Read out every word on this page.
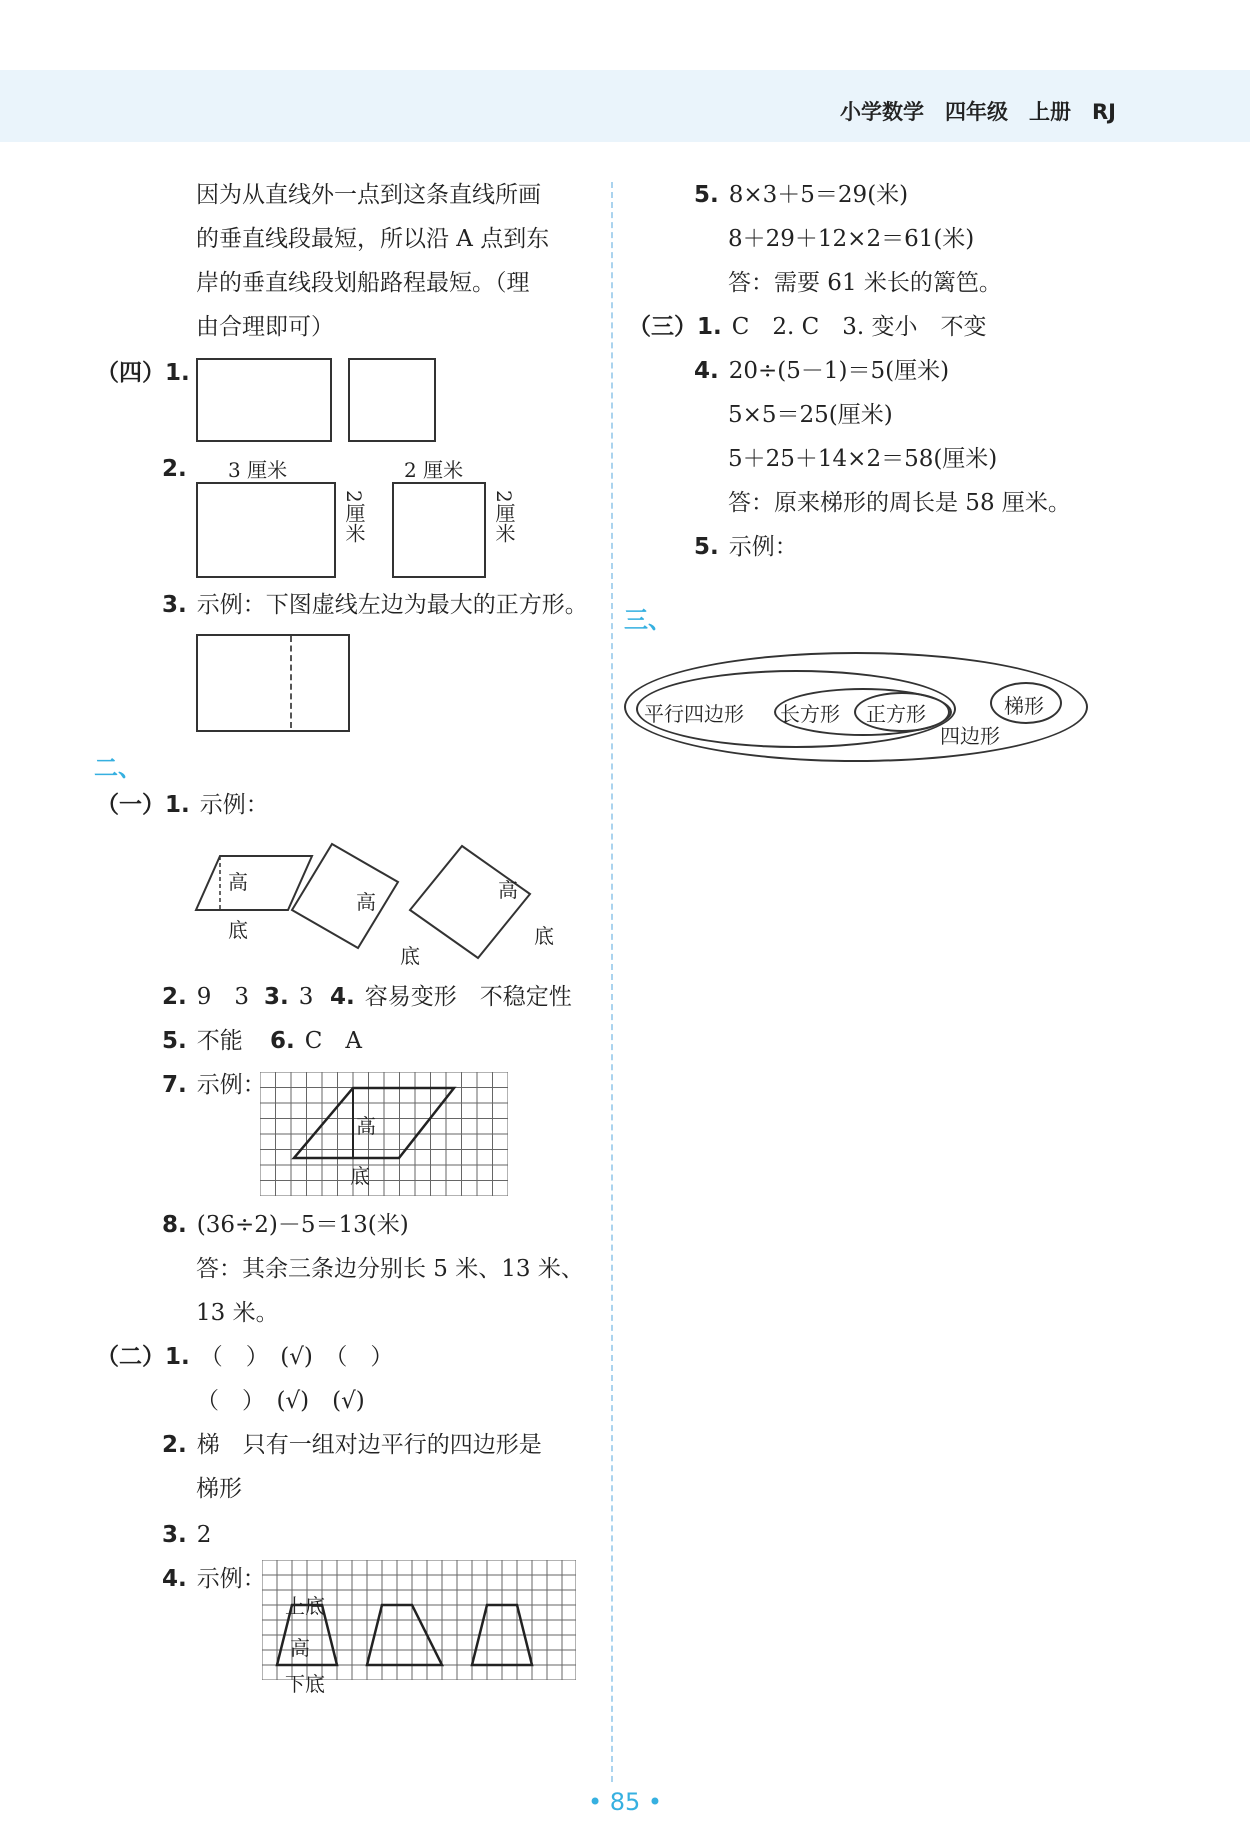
小学数学　四年级　上册　RJ
因为从直线外一点到这条直线所画
的垂直线段最短，所以沿 A 点到东
岸的垂直线段划船路程最短。（理
由合理即可）
（四）1.
2.	3 厘米
2厘米
2 厘米
2厘米
3. 示例：下图虚线左边为最大的正方形。
二、
（一）1. 示例：
高
底
高
底
高
底
2. 9　3 3. 3 4. 容易变形　不稳定性
5. 不能 6. C　A
7. 示例：
高
底
8. (36÷2)－5＝13(米)
答：其余三条边分别长 5 米、13 米、
13 米。
（二）1. （　）　(√)　（　）
（　）　(√)　(√)
2. 梯　只有一组对边平行的四边形是
梯形
3. 2
4. 示例：
上底
高
下底
5. 8×3＋5＝29(米)
8＋29＋12×2＝61(米)
答：需要 61 米长的篱笆。
（三）1. C　2. C　3. 变小　不变
4. 20÷(5－1)＝5(厘米)
5×5＝25(厘米)
5＋25＋14×2＝58(厘米)
答：原来梯形的周长是 58 厘米。
5. 示例：
三、
平行四边形 长方形 正方形	梯形
四边形
• 85 •
